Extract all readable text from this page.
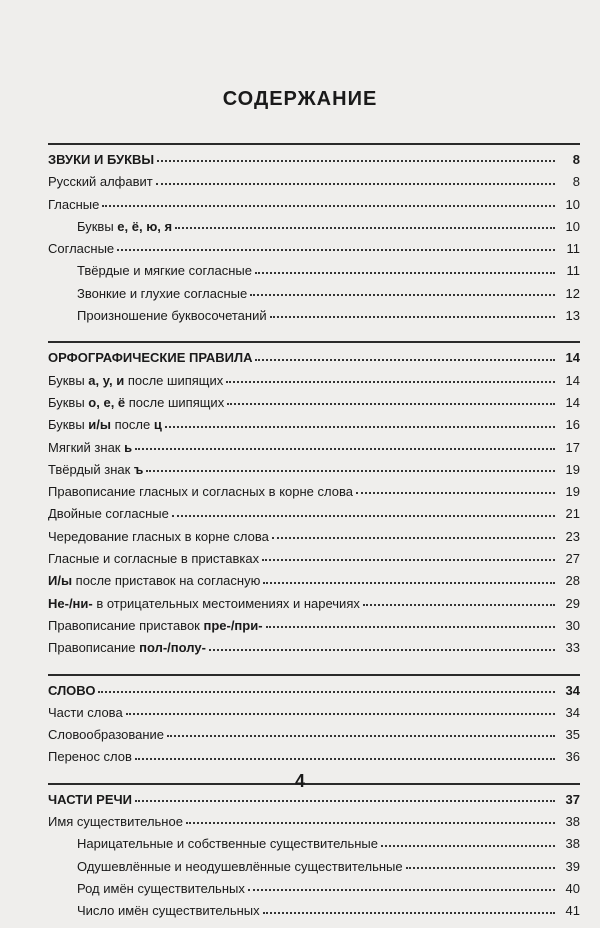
СОДЕРЖАНИЕ
ЗВУКИ И БУКВЫ	8
Русский алфавит	8
Гласные	10
Буквы е, ё, ю, я	10
Согласные	11
Твёрдые и мягкие согласные	11
Звонкие и глухие согласные	12
Произношение буквосочетаний	13
ОРФОГРАФИЧЕСКИЕ ПРАВИЛА	14
Буквы а, у, и после шипящих	14
Буквы о, е, ё после шипящих	14
Буквы и/ы после ц	16
Мягкий знак ь	17
Твёрдый знак ъ	19
Правописание гласных и согласных в корне слова	19
Двойные согласные	21
Чередование гласных в корне слова	23
Гласные и согласные в приставках	27
И/ы после приставок на согласную	28
Не-/ни- в отрицательных местоимениях и наречиях	29
Правописание приставок пре-/при-	30
Правописание пол-/полу-	33
СЛОВО	34
Части слова	34
Словообразование	35
Перенос слов	36
ЧАСТИ РЕЧИ	37
Имя существительное	38
Нарицательные и собственные существительные	38
Одушевлённые и неодушевлённые существительные	39
Род имён существительных	40
Число имён существительных	41
4
